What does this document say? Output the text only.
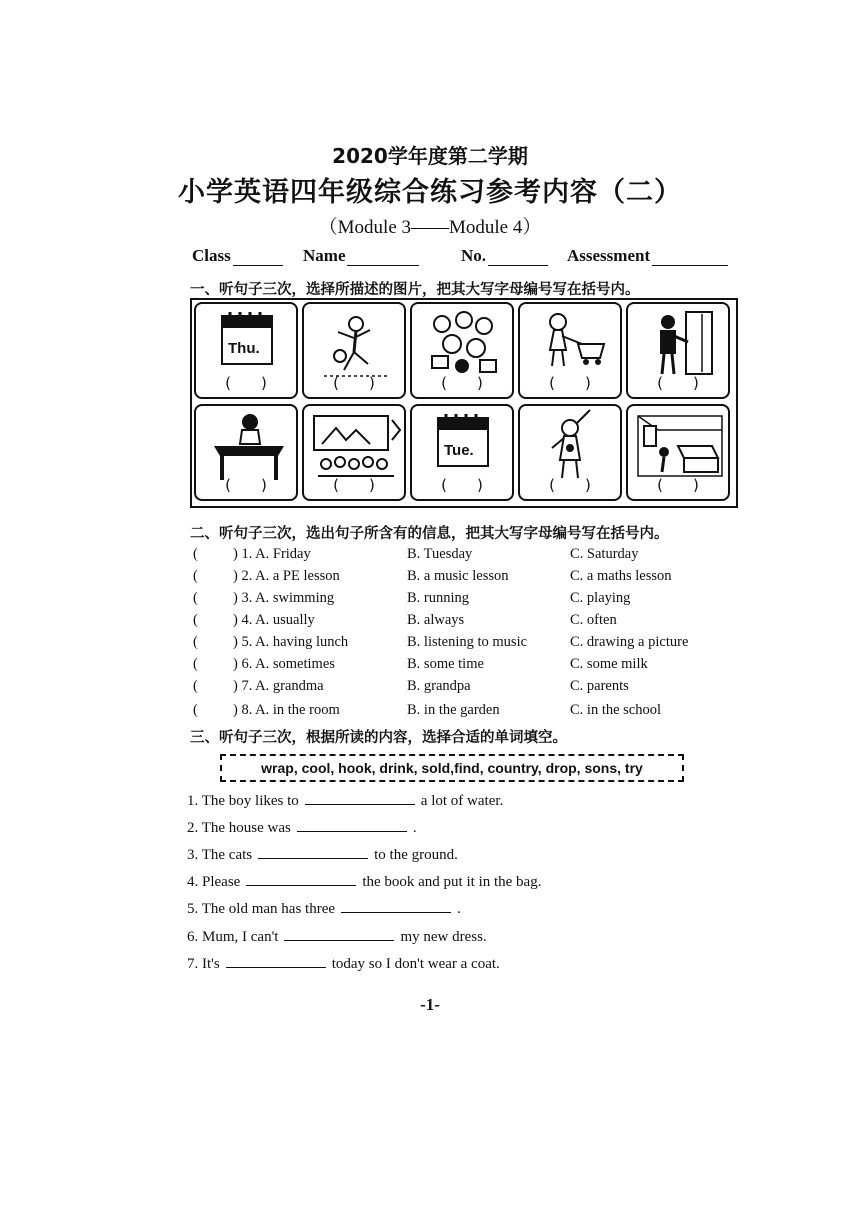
2020学年度第二学期
小学英语四年级综合练习参考内容（二）
（Module 3——Module 4）
Class	Name	No.	Assessment
一、听句子三次，选择所描述的图片，把其大写字母编号写在括号内。
Thu.
(　　)	(　　)	(　　)	(　　)	(　　)
(　　)	(　　)
Tue.
(　　)	(　　)	(　　)
二、听句子三次，选出句子所含有的信息，把其大写字母编号写在括号内。
( ) 1. A. Friday	B. Tuesday	C. Saturday
( ) 2. A. a PE lesson	B. a music lesson	C. a maths lesson
( ) 3. A. swimming	B. running	C. playing
( ) 4. A. usually	B. always	C. often
( ) 5. A. having lunch	B. listening to music	C. drawing a picture
( ) 6. A. sometimes	B. some time	C. some milk
( ) 7. A. grandma	B. grandpa	C. parents
( ) 8. A. in the room	B. in the garden	C. in the school
三、听句子三次，根据所读的内容，选择合适的单词填空。
wrap, cool, hook, drink, sold,find, country, drop, sons, try
1. The boy likes to	a lot of water.
2. The house was	.
3. The cats	to the ground.
4. Please	the book and put it in the bag.
5. The old man has three	.
6. Mum, I can't	my new dress.
7. It's	today so I don't wear a coat.
-1-
